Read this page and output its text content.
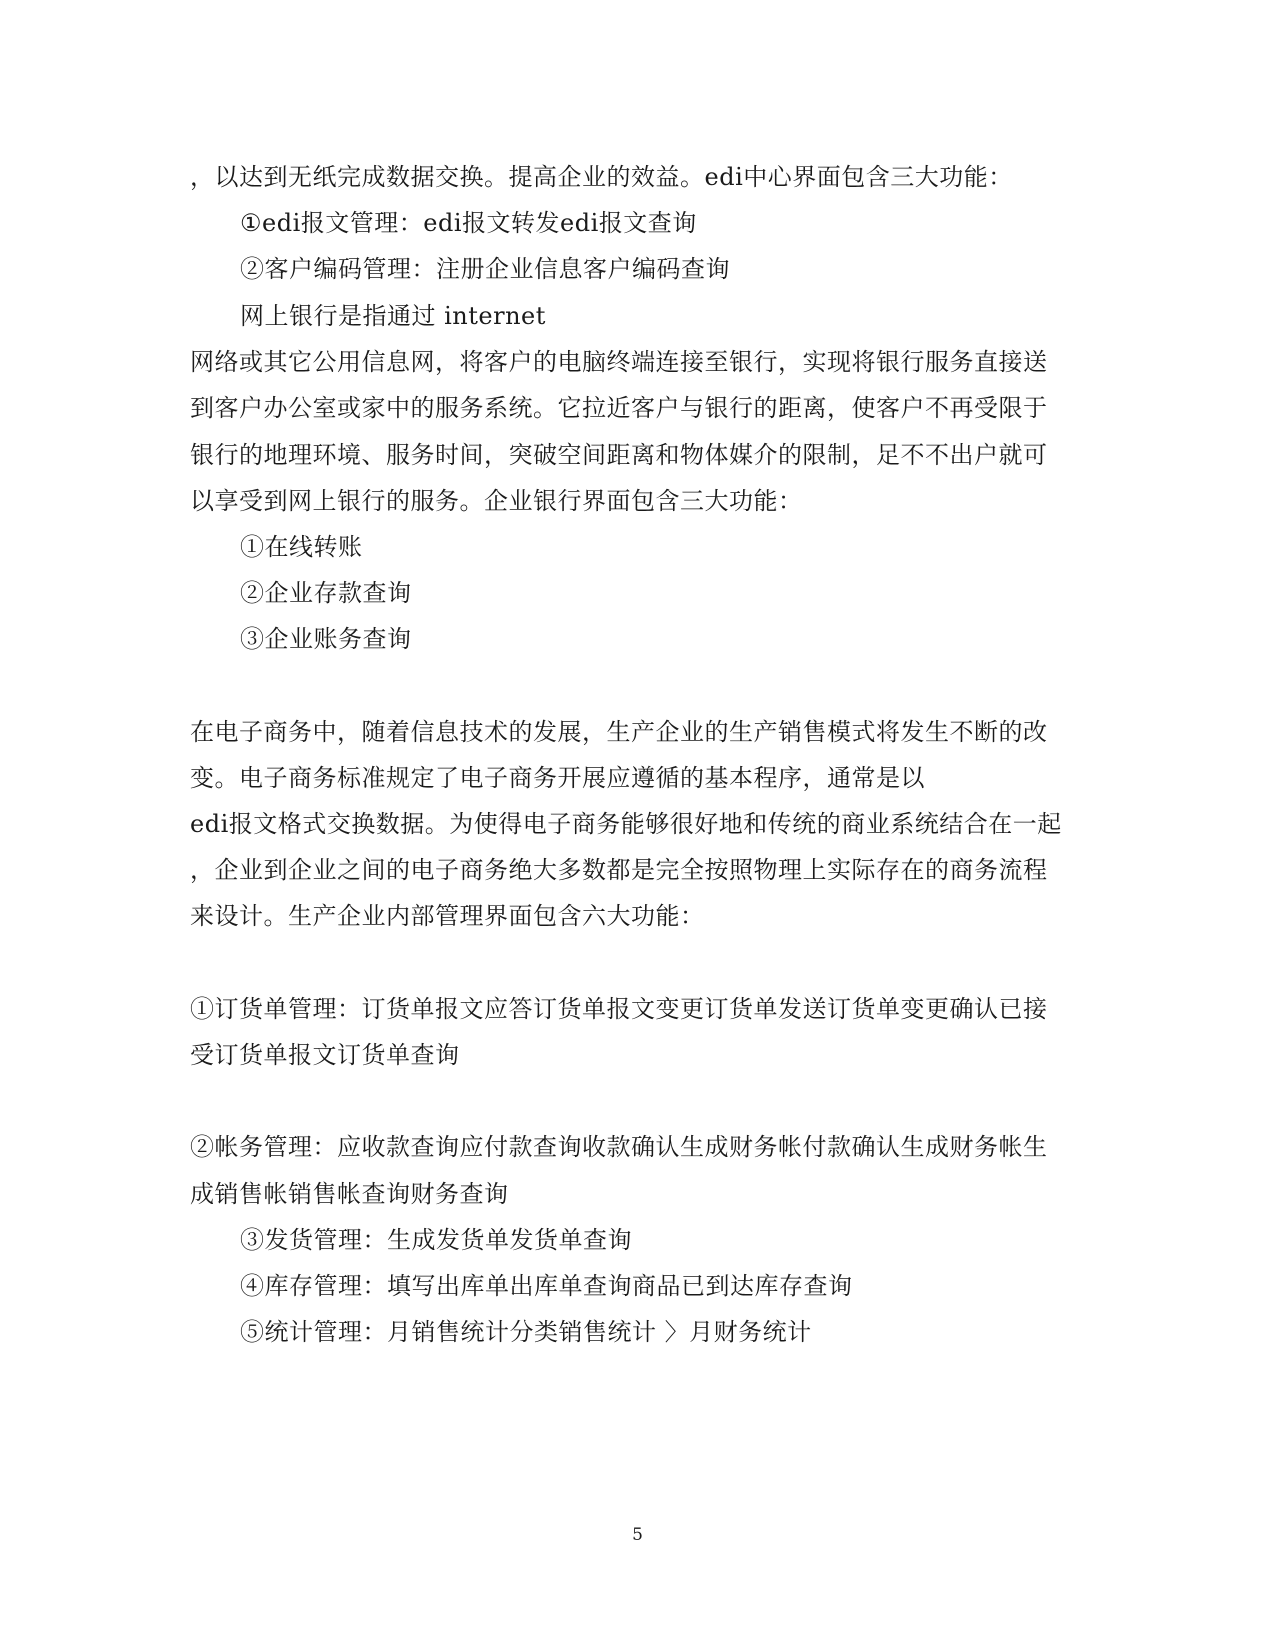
，以达到无纸完成数据交换。提高企业的效益。edi中心界面包含三大功能：
①edi报文管理：edi报文转发edi报文查询
②客户编码管理：注册企业信息客户编码查询
网上银行是指通过 internet
网络或其它公用信息网，将客户的电脑终端连接至银行，实现将银行服务直接送
到客户办公室或家中的服务系统。它拉近客户与银行的距离，使客户不再受限于
银行的地理环境、服务时间，突破空间距离和物体媒介的限制，足不不出户就可
以享受到网上银行的服务。企业银行界面包含三大功能：
①在线转账
②企业存款查询
③企业账务查询
在电子商务中，随着信息技术的发展，生产企业的生产销售模式将发生不断的改
变。电子商务标准规定了电子商务开展应遵循的基本程序，通常是以
edi报文格式交换数据。为使得电子商务能够很好地和传统的商业系统结合在一起
，企业到企业之间的电子商务绝大多数都是完全按照物理上实际存在的商务流程
来设计。生产企业内部管理界面包含六大功能：
①订货单管理：订货单报文应答订货单报文变更订货单发送订货单变更确认已接
受订货单报文订货单查询
②帐务管理：应收款查询应付款查询收款确认生成财务帐付款确认生成财务帐生
成销售帐销售帐查询财务查询
③发货管理：生成发货单发货单查询
④库存管理：填写出库单出库单查询商品已到达库存查询
⑤统计管理：月销售统计分类销售统计 〉月财务统计
5
